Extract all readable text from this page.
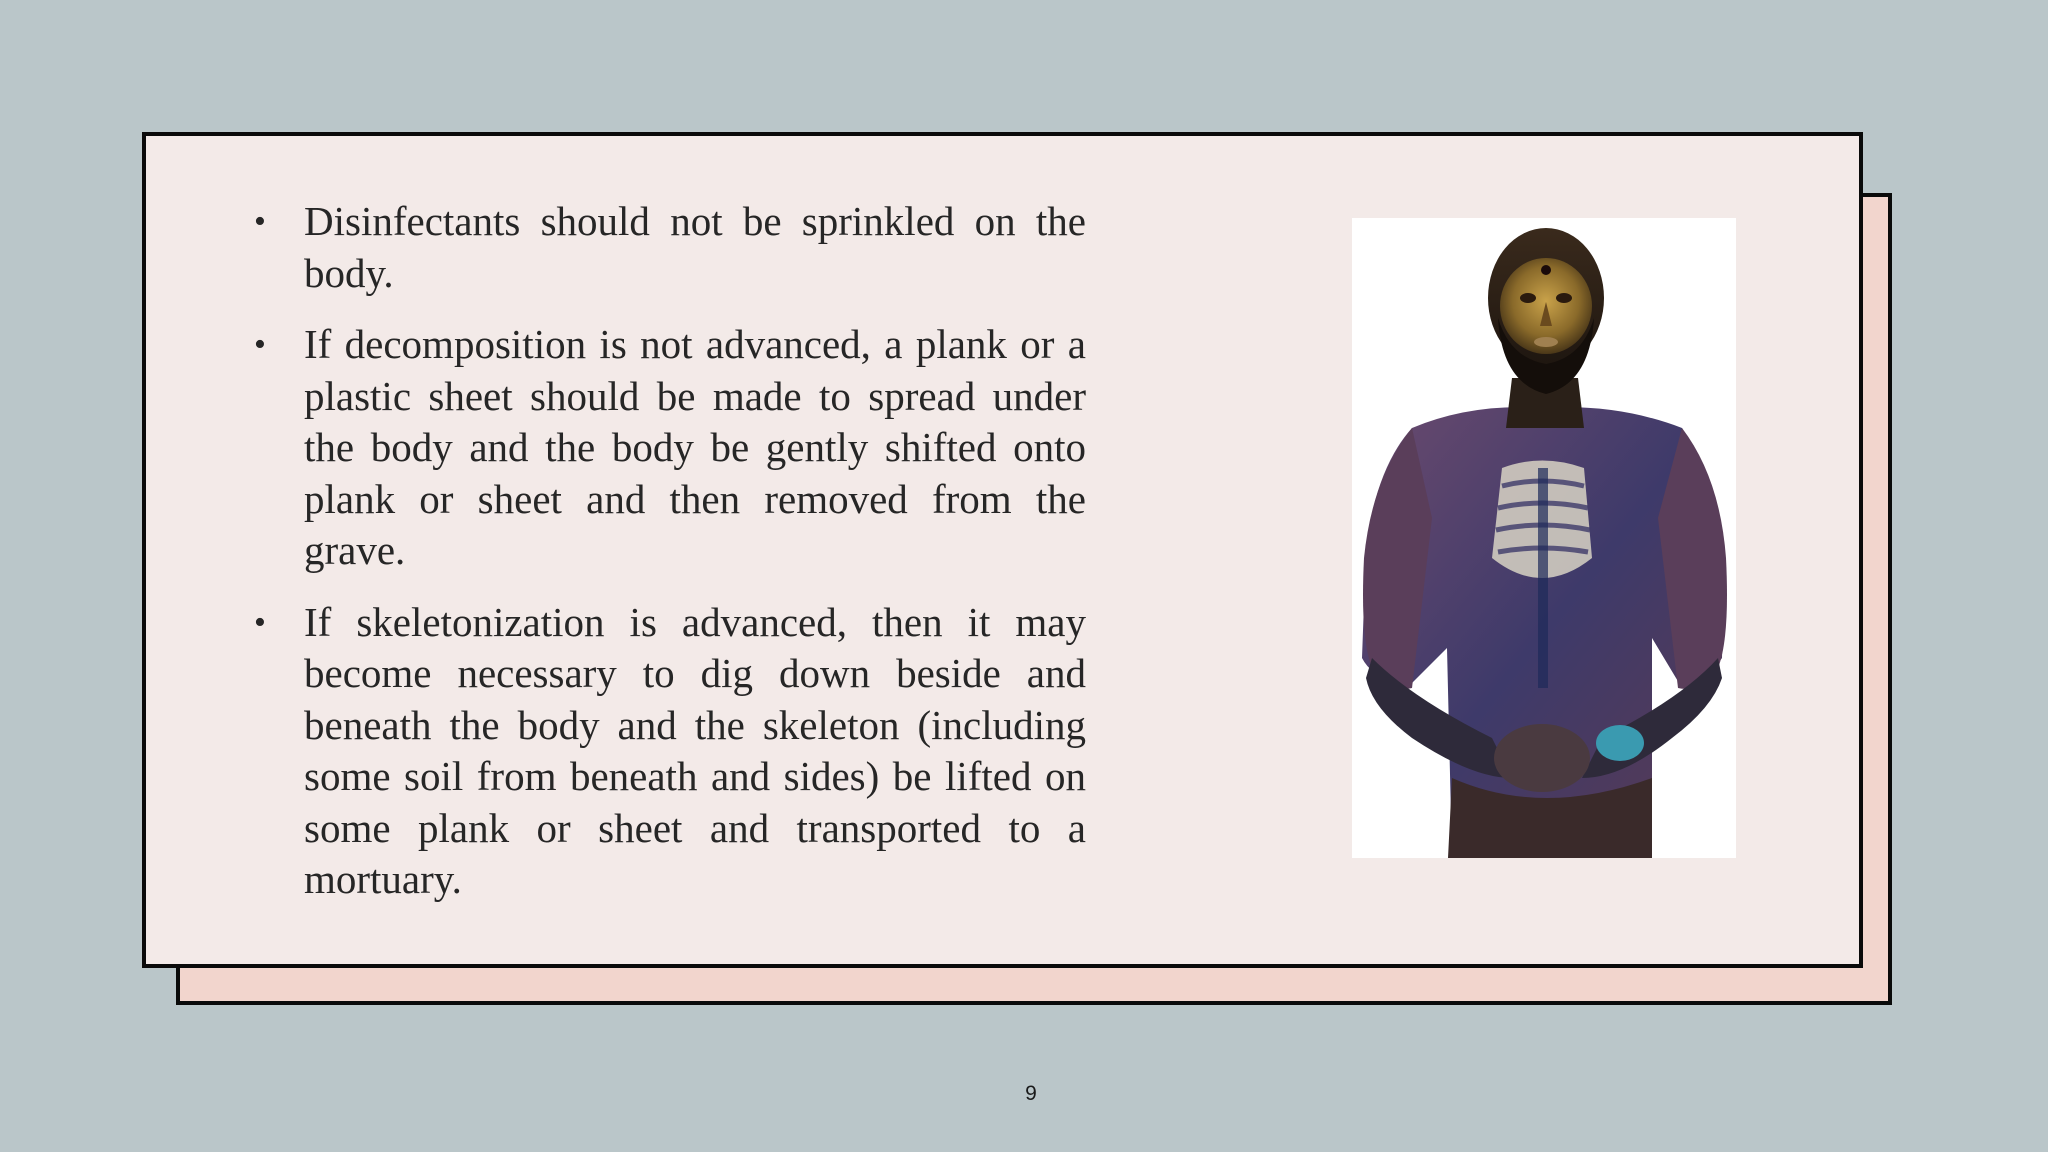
• Disinfectants should not be sprinkled on the body.
• If decomposition is not advanced, a plank or a plastic sheet should be made to spread under the body and the body be gently shifted onto plank or sheet and then removed from the grave.
• If skeletonization is advanced, then it may become necessary to dig down beside and beneath the body and the skeleton (including some soil from beneath and sides) be lifted on some plank or sheet and transported to a mortuary.
9
